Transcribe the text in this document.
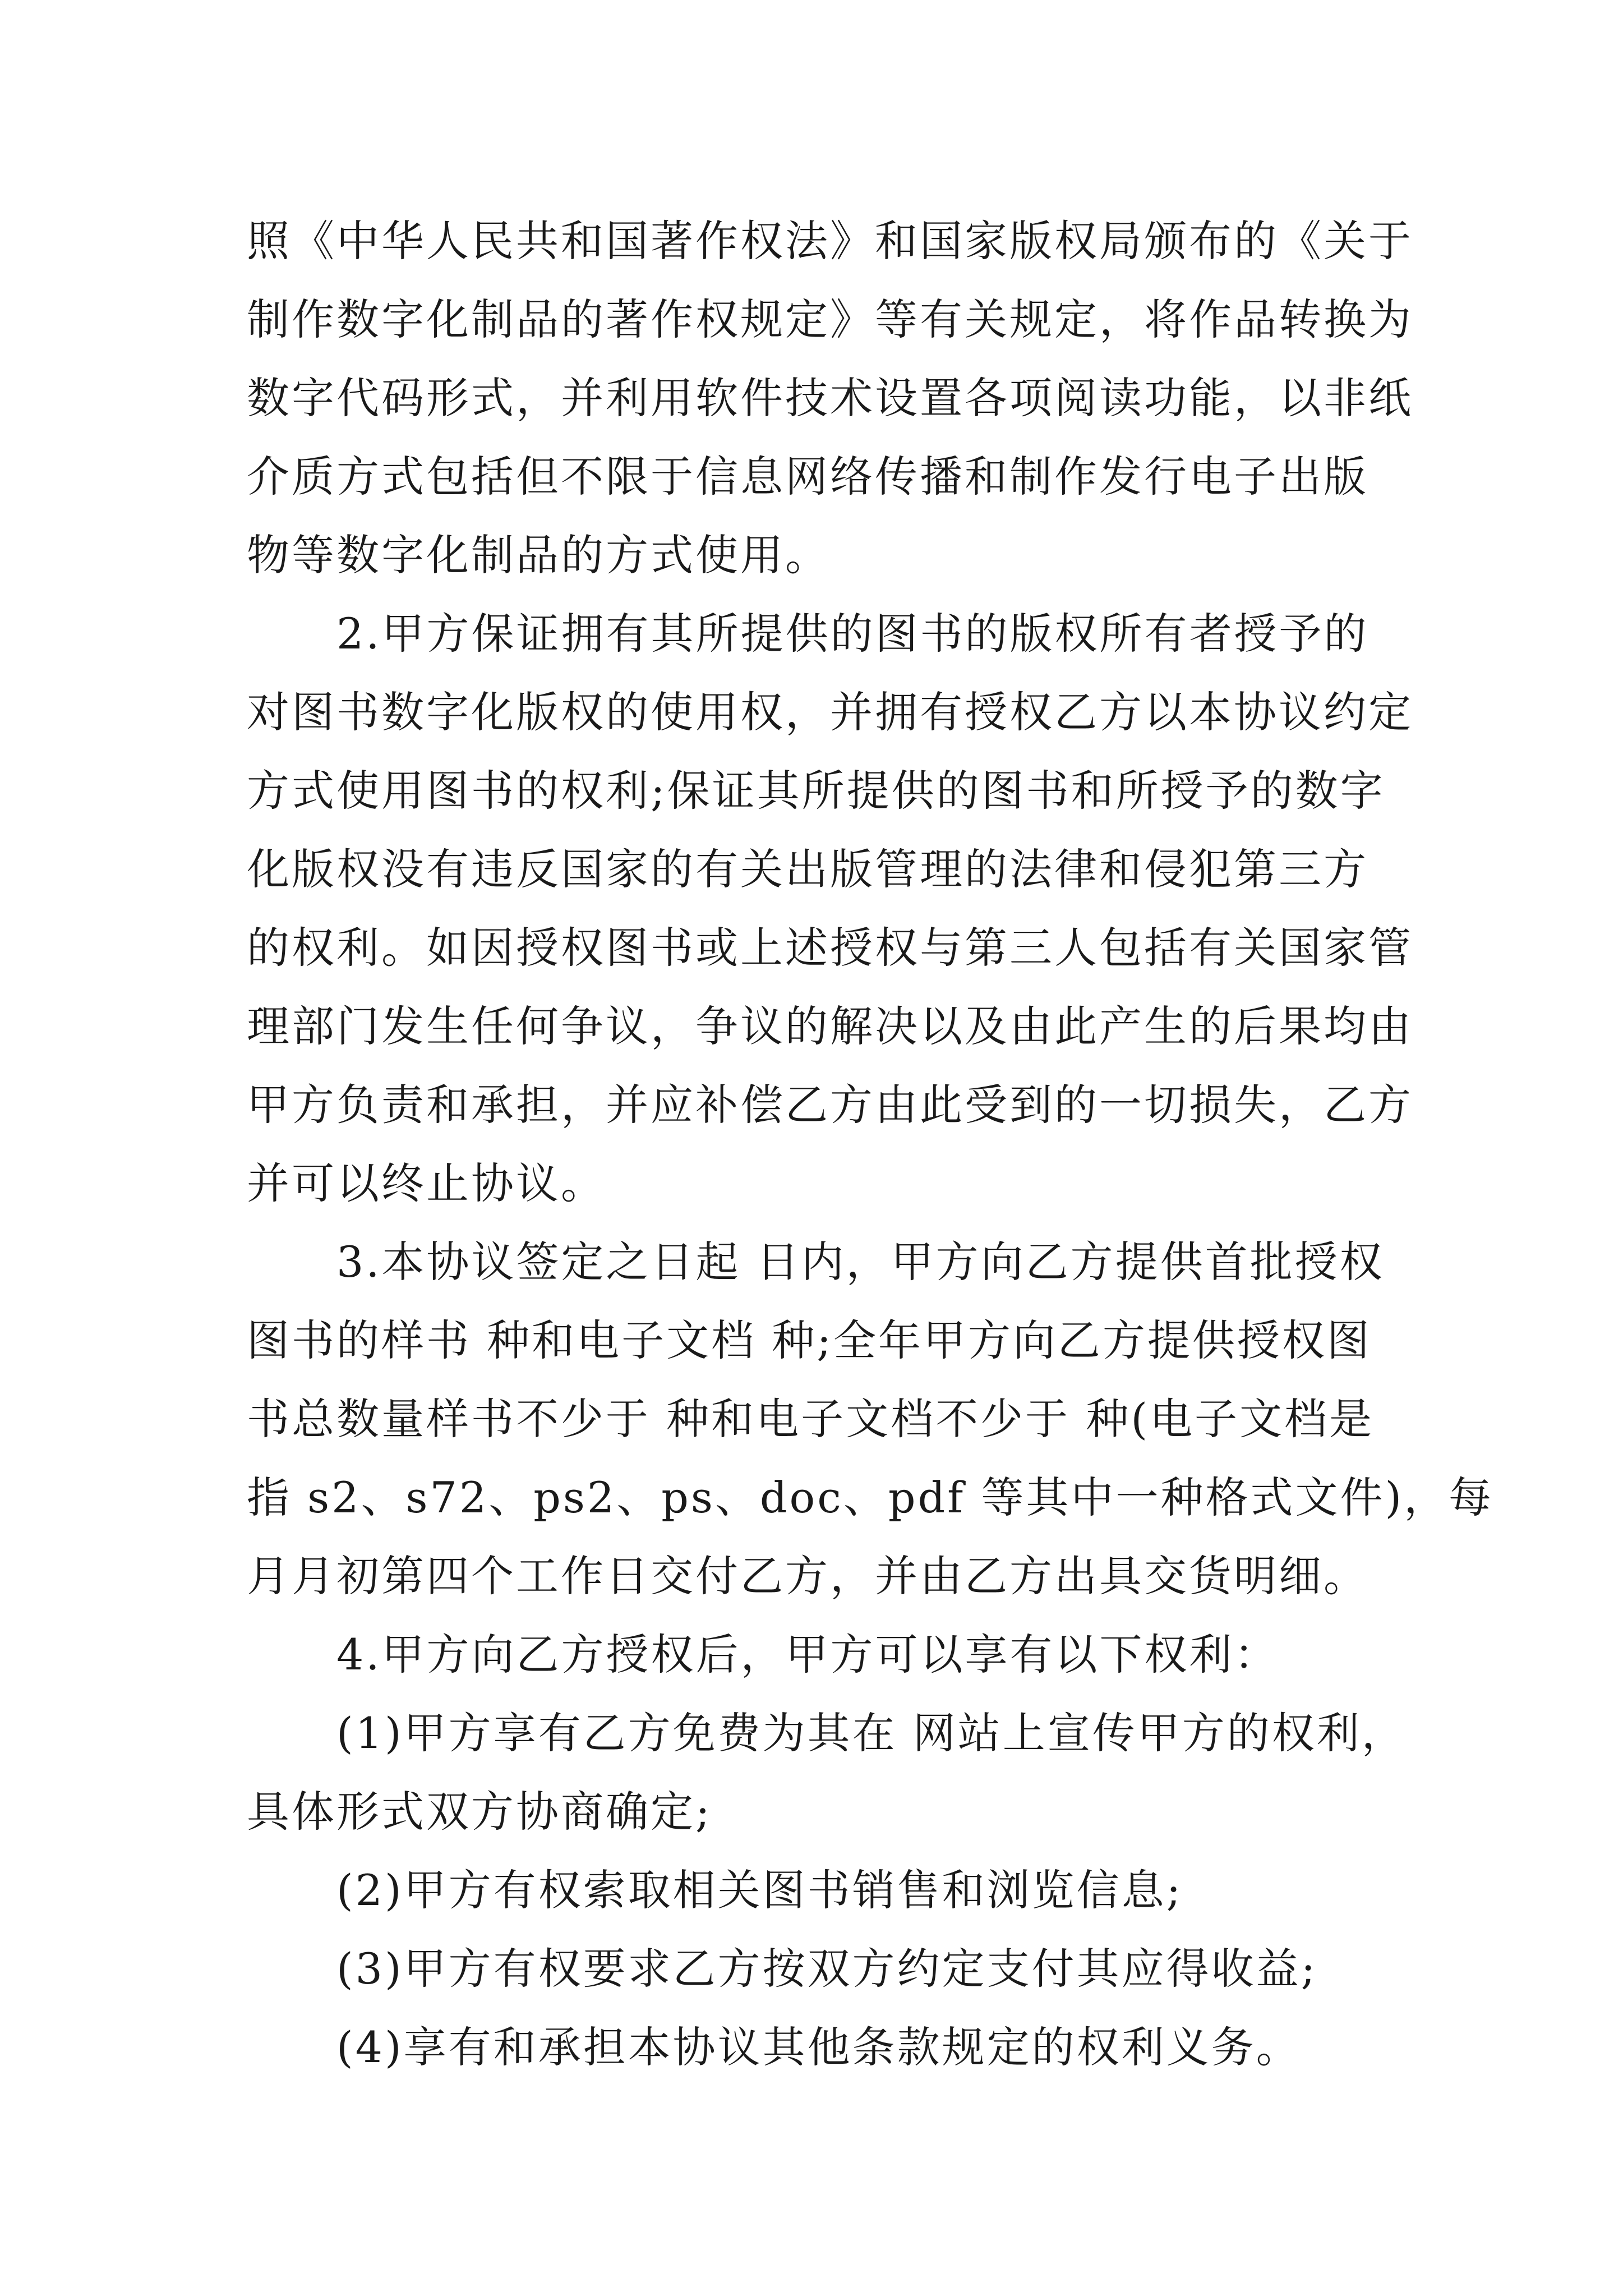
照《中华人民共和国著作权法》和国家版权局颁布的《关于
制作数字化制品的著作权规定》等有关规定，将作品转换为
数字代码形式，并利用软件技术设置各项阅读功能，以非纸
介质方式包括但不限于信息网络传播和制作发行电子出版
物等数字化制品的方式使用。
2.甲方保证拥有其所提供的图书的版权所有者授予的
对图书数字化版权的使用权，并拥有授权乙方以本协议约定
方式使用图书的权利;保证其所提供的图书和所授予的数字
化版权没有违反国家的有关出版管理的法律和侵犯第三方
的权利。如因授权图书或上述授权与第三人包括有关国家管
理部门发生任何争议，争议的解决以及由此产生的后果均由
甲方负责和承担，并应补偿乙方由此受到的一切损失，乙方
并可以终止协议。
3.本协议签定之日起 日内，甲方向乙方提供首批授权
图书的样书 种和电子文档 种;全年甲方向乙方提供授权图
书总数量样书不少于 种和电子文档不少于 种(电子文档是
指 s2、s72、ps2、ps、doc、pdf 等其中一种格式文件)，每
月月初第四个工作日交付乙方，并由乙方出具交货明细。
4.甲方向乙方授权后，甲方可以享有以下权利：
(1)甲方享有乙方免费为其在 网站上宣传甲方的权利，
具体形式双方协商确定;
(2)甲方有权索取相关图书销售和浏览信息;
(3)甲方有权要求乙方按双方约定支付其应得收益;
(4)享有和承担本协议其他条款规定的权利义务。
